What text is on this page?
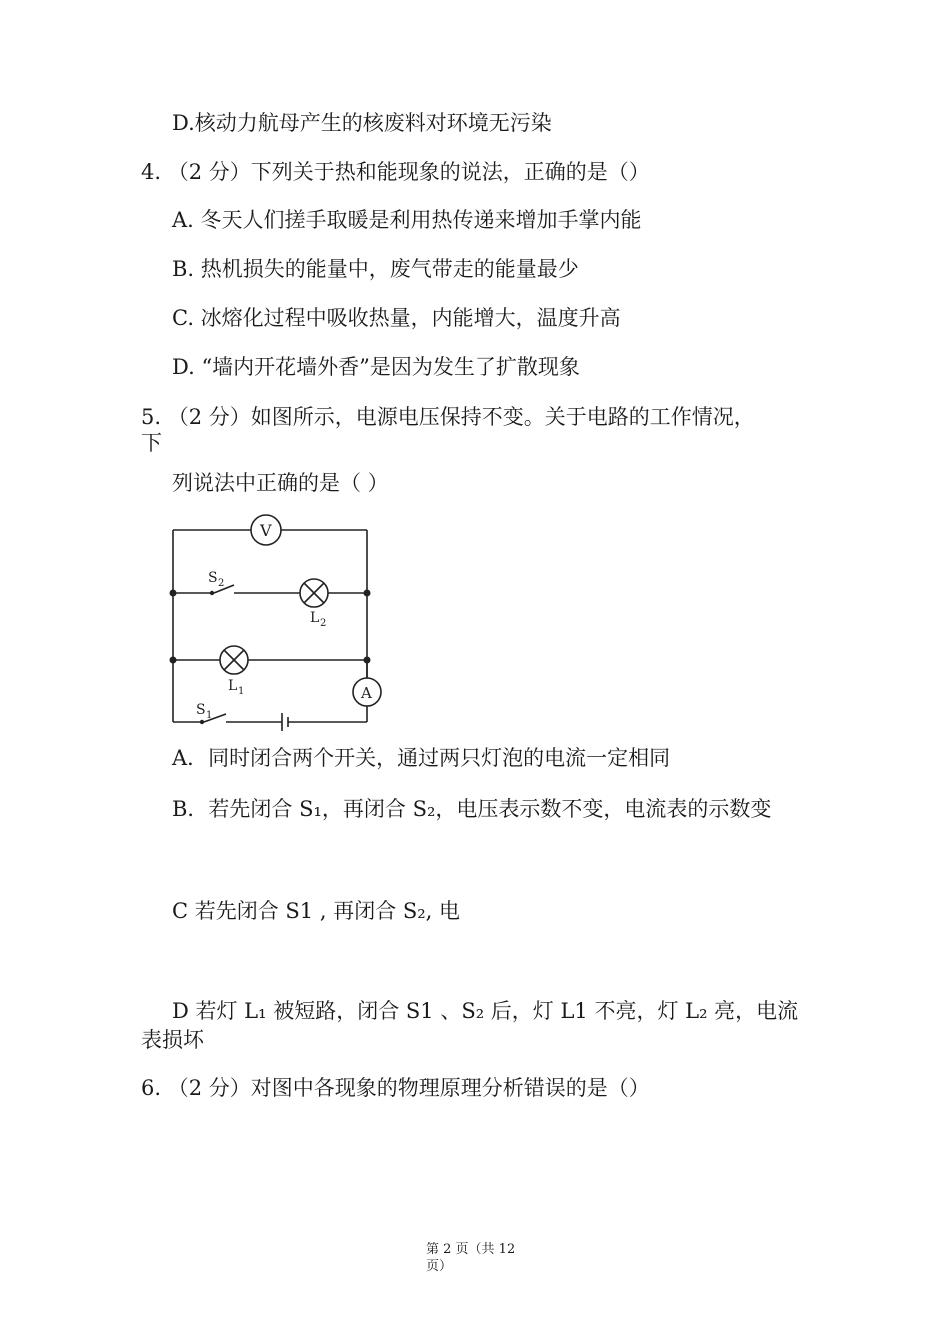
D.核动力航母产生的核废料对环境无污染
4. （2 分）下列关于热和能现象的说法，正确的是（）
A. 冬天人们搓手取暖是利用热传递来增加手掌内能
B. 热机损失的能量中，废气带走的能量最少
C. 冰熔化过程中吸收热量，内能增大，温度升高
D. “墙内开花墙外香”是因为发生了扩散现象
5. （2 分）如图所示，电源电压保持不变。关于电路的工作情况，
下
列说法中正确的是（ ）
V
A
S 2
L 2
L 1
S 1
A．同时闭合两个开关，通过两只灯泡的电流一定相同
B．若先闭合 S₁，再闭合 S₂，电压表示数不变，电流表的示数变
C 若先闭合 S1 , 再闭合 S₂, 电
D 若灯 L₁ 被短路，闭合 S1 、S₂ 后，灯 L1 不亮，灯 L₂ 亮，电流
表损坏
6. （2 分）对图中各现象的物理原理分析错误的是（）
第 2 页（共 12
页）
